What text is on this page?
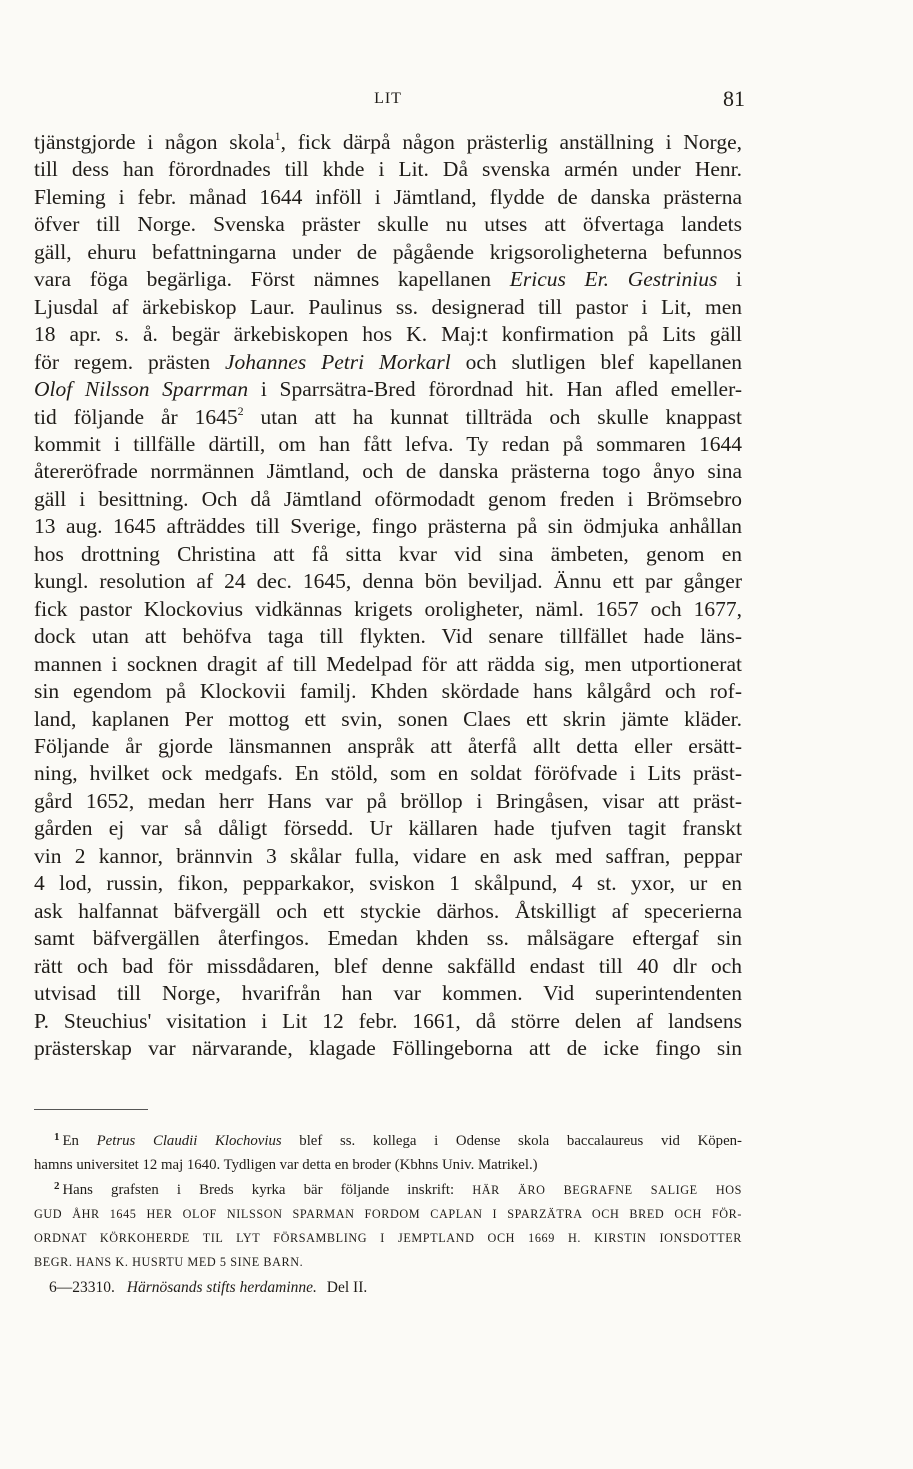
LIT	81
tjänstgjorde i någon skola$^1$, fick därpå någon prästerlig anställning i Norge,
till dess han förordnades till khde i Lit. Då svenska armén under Henr.
Fleming i febr. månad 1644 inföll i Jämtland, flydde de danska prästerna
öfver till Norge. Svenska präster skulle nu utses att öfvertaga landets
gäll, ehuru befattningarna under de pågående krigsoroligheterna befunnos
vara föga begärliga. Först nämnes kapellanen Ericus Er. Gestrinius i
Ljusdal af ärkebiskop Laur. Paulinus ss. designerad till pastor i Lit, men
18 apr. s. å. begär ärkebiskopen hos K. Maj:t konfirmation på Lits gäll
för regem. prästen Johannes Petri Morkarl och slutligen blef kapellanen
Olof Nilsson Sparrman i Sparrsätra-Bred förordnad hit. Han afled emeller-
tid följande år 1645$^2$ utan att ha kunnat tillträda och skulle knappast
kommit i tillfälle därtill, om han fått lefva. Ty redan på sommaren 1644
återeröfrade norrmännen Jämtland, och de danska prästerna togo ånyo sina
gäll i besittning. Och då Jämtland oförmodadt genom freden i Brömsebro
13 aug. 1645 afträddes till Sverige, fingo prästerna på sin ödmjuka anhållan
hos drottning Christina att få sitta kvar vid sina ämbeten, genom en
kungl. resolution af 24 dec. 1645, denna bön beviljad. Ännu ett par gånger
fick pastor Klockovius vidkännas krigets oroligheter, näml. 1657 och 1677,
dock utan att behöfva taga till flykten. Vid senare tillfället hade läns-
mannen i socknen dragit af till Medelpad för att rädda sig, men utportionerat
sin egendom på Klockovii familj. Khden skördade hans kålgård och rof-
land, kaplanen Per mottog ett svin, sonen Claes ett skrin jämte kläder.
Följande år gjorde länsmannen anspråk att återfå allt detta eller ersätt-
ning, hvilket ock medgafs. En stöld, som en soldat föröfvade i Lits präst-
gård 1652, medan herr Hans var på bröllop i Bringåsen, visar att präst-
gården ej var så dåligt försedd. Ur källaren hade tjufven tagit franskt
vin 2 kannor, brännvin 3 skålar fulla, vidare en ask med saffran, peppar
4 lod, russin, fikon, pepparkakor, sviskon 1 skålpund, 4 st. yxor, ur en
ask halfannat bäfvergäll och ett styckie därhos. Åtskilligt af specerierna
samt bäfvergällen återfingos. Emedan khden ss. målsägare eftergaf sin
rätt och bad för missdådaren, blef denne sakfälld endast till 40 dlr och
utvisad till Norge, hvarifrån han var kommen. Vid superintendenten
P. Steuchius' visitation i Lit 12 febr. 1661, då större delen af landsens
prästerskap var närvarande, klagade Föllingeborna att de icke fingo sin
$^1$ En Petrus Claudii Klochovius blef ss. kollega i Odense skola baccalaureus vid Köpen-
hamns universitet 12 maj 1640. Tydligen var detta en broder (Kbhns Univ. Matrikel.)
$^2$ Hans grafsten i Breds kyrka bär följande inskrift: HÄR ÄRO BEGRAFNE SALIGE HOS
GUD ÅHR 1645 HER OLOF NILSSON SPARMAN FORDOM CAPLAN I SPARZÄTRA OCH BRED OCH FÖR-
ORDNAT KÖRKOHERDE TIL LYT FÖRSAMBLING I JEMPTLAND OCH 1669 H. KIRSTIN IONSDOTTER
BEGR. HANS K. HUSRTU MED 5 SINE BARN.
6—23310. Härnösands stifts herdaminne. Del II.
